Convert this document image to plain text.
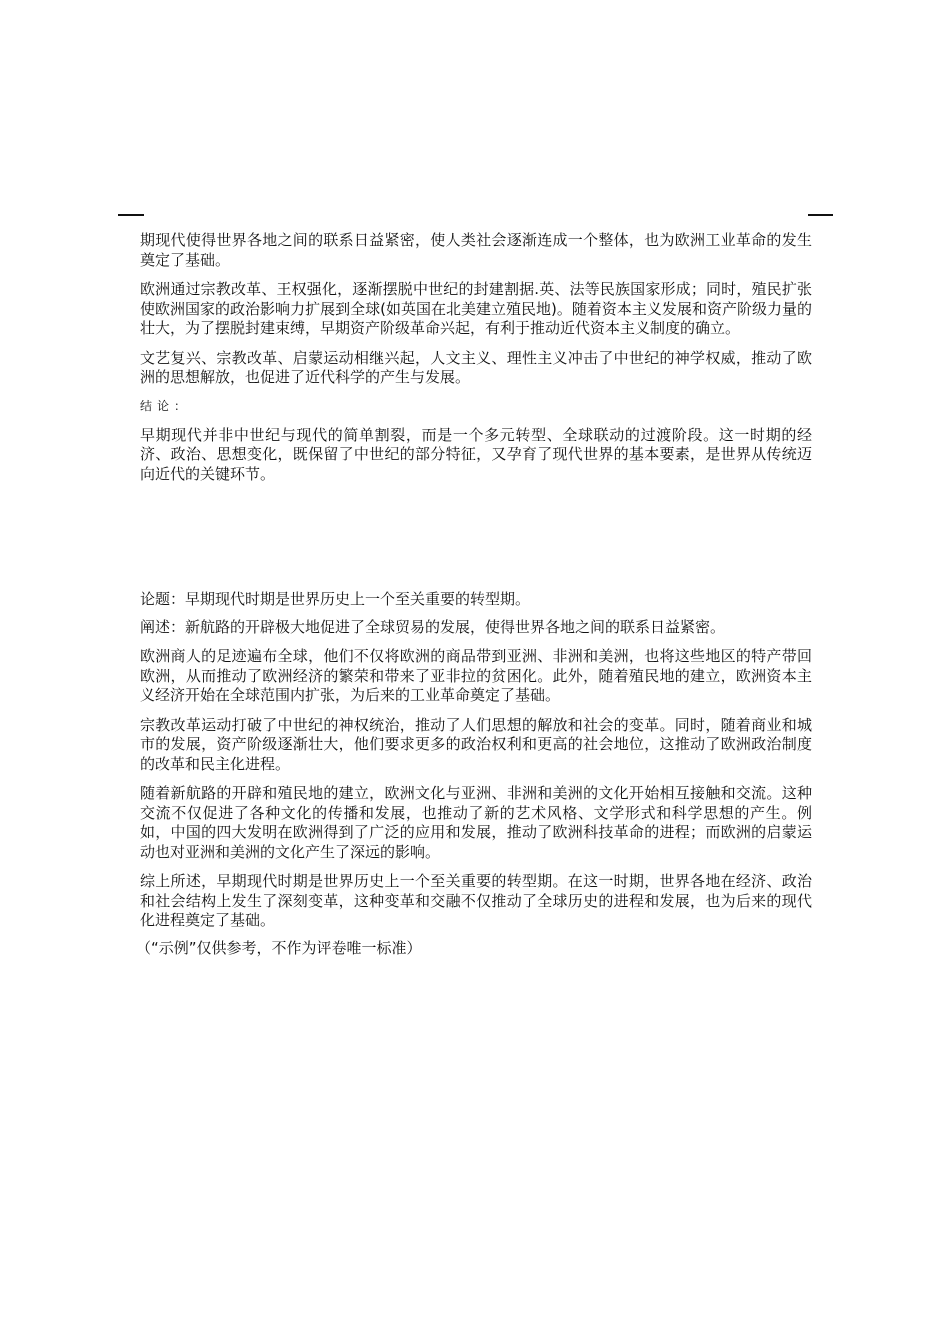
期现代使得世界各地之间的联系日益紧密，使人类社会逐渐连成一个整体，也为欧洲工业革命的发生奠定了基础。

欧洲通过宗教改革、王权强化，逐渐摆脱中世纪的封建割据.英、法等民族国家形成；同时，殖民扩张使欧洲国家的政治影响力扩展到全球(如英国在北美建立殖民地)。随着资本主义发展和资产阶级力量的壮大，为了摆脱封建束缚，早期资产阶级革命兴起，有利于推动近代资本主义制度的确立。

文艺复兴、宗教改革、启蒙运动相继兴起，人文主义、理性主义冲击了中世纪的神学权威，推动了欧洲的思想解放，也促进了近代科学的产生与发展。

结论：

早期现代并非中世纪与现代的简单割裂，而是一个多元转型、全球联动的过渡阶段。这一时期的经济、政治、思想变化，既保留了中世纪的部分特征，又孕育了现代世界的基本要素，是世界从传统迈向近代的关键环节。

论题：早期现代时期是世界历史上一个至关重要的转型期。

阐述：新航路的开辟极大地促进了全球贸易的发展，使得世界各地之间的联系日益紧密。

欧洲商人的足迹遍布全球，他们不仅将欧洲的商品带到亚洲、非洲和美洲，也将这些地区的特产带回欧洲，从而推动了欧洲经济的繁荣和带来了亚非拉的贫困化。此外，随着殖民地的建立，欧洲资本主义经济开始在全球范围内扩张，为后来的工业革命奠定了基础。

宗教改革运动打破了中世纪的神权统治，推动了人们思想的解放和社会的变革。同时，随着商业和城市的发展，资产阶级逐渐壮大，他们要求更多的政治权利和更高的社会地位，这推动了欧洲政治制度的改革和民主化进程。

随着新航路的开辟和殖民地的建立，欧洲文化与亚洲、非洲和美洲的文化开始相互接触和交流。这种交流不仅促进了各种文化的传播和发展，也推动了新的艺术风格、文学形式和科学思想的产生。例如，中国的四大发明在欧洲得到了广泛的应用和发展，推动了欧洲科技革命的进程；而欧洲的启蒙运动也对亚洲和美洲的文化产生了深远的影响。

综上所述，早期现代时期是世界历史上一个至关重要的转型期。在这一时期，世界各地在经济、政治和社会结构上发生了深刻变革，这种变革和交融不仅推动了全球历史的进程和发展，也为后来的现代化进程奠定了基础。

（“示例”仅供参考，不作为评卷唯一标准）
